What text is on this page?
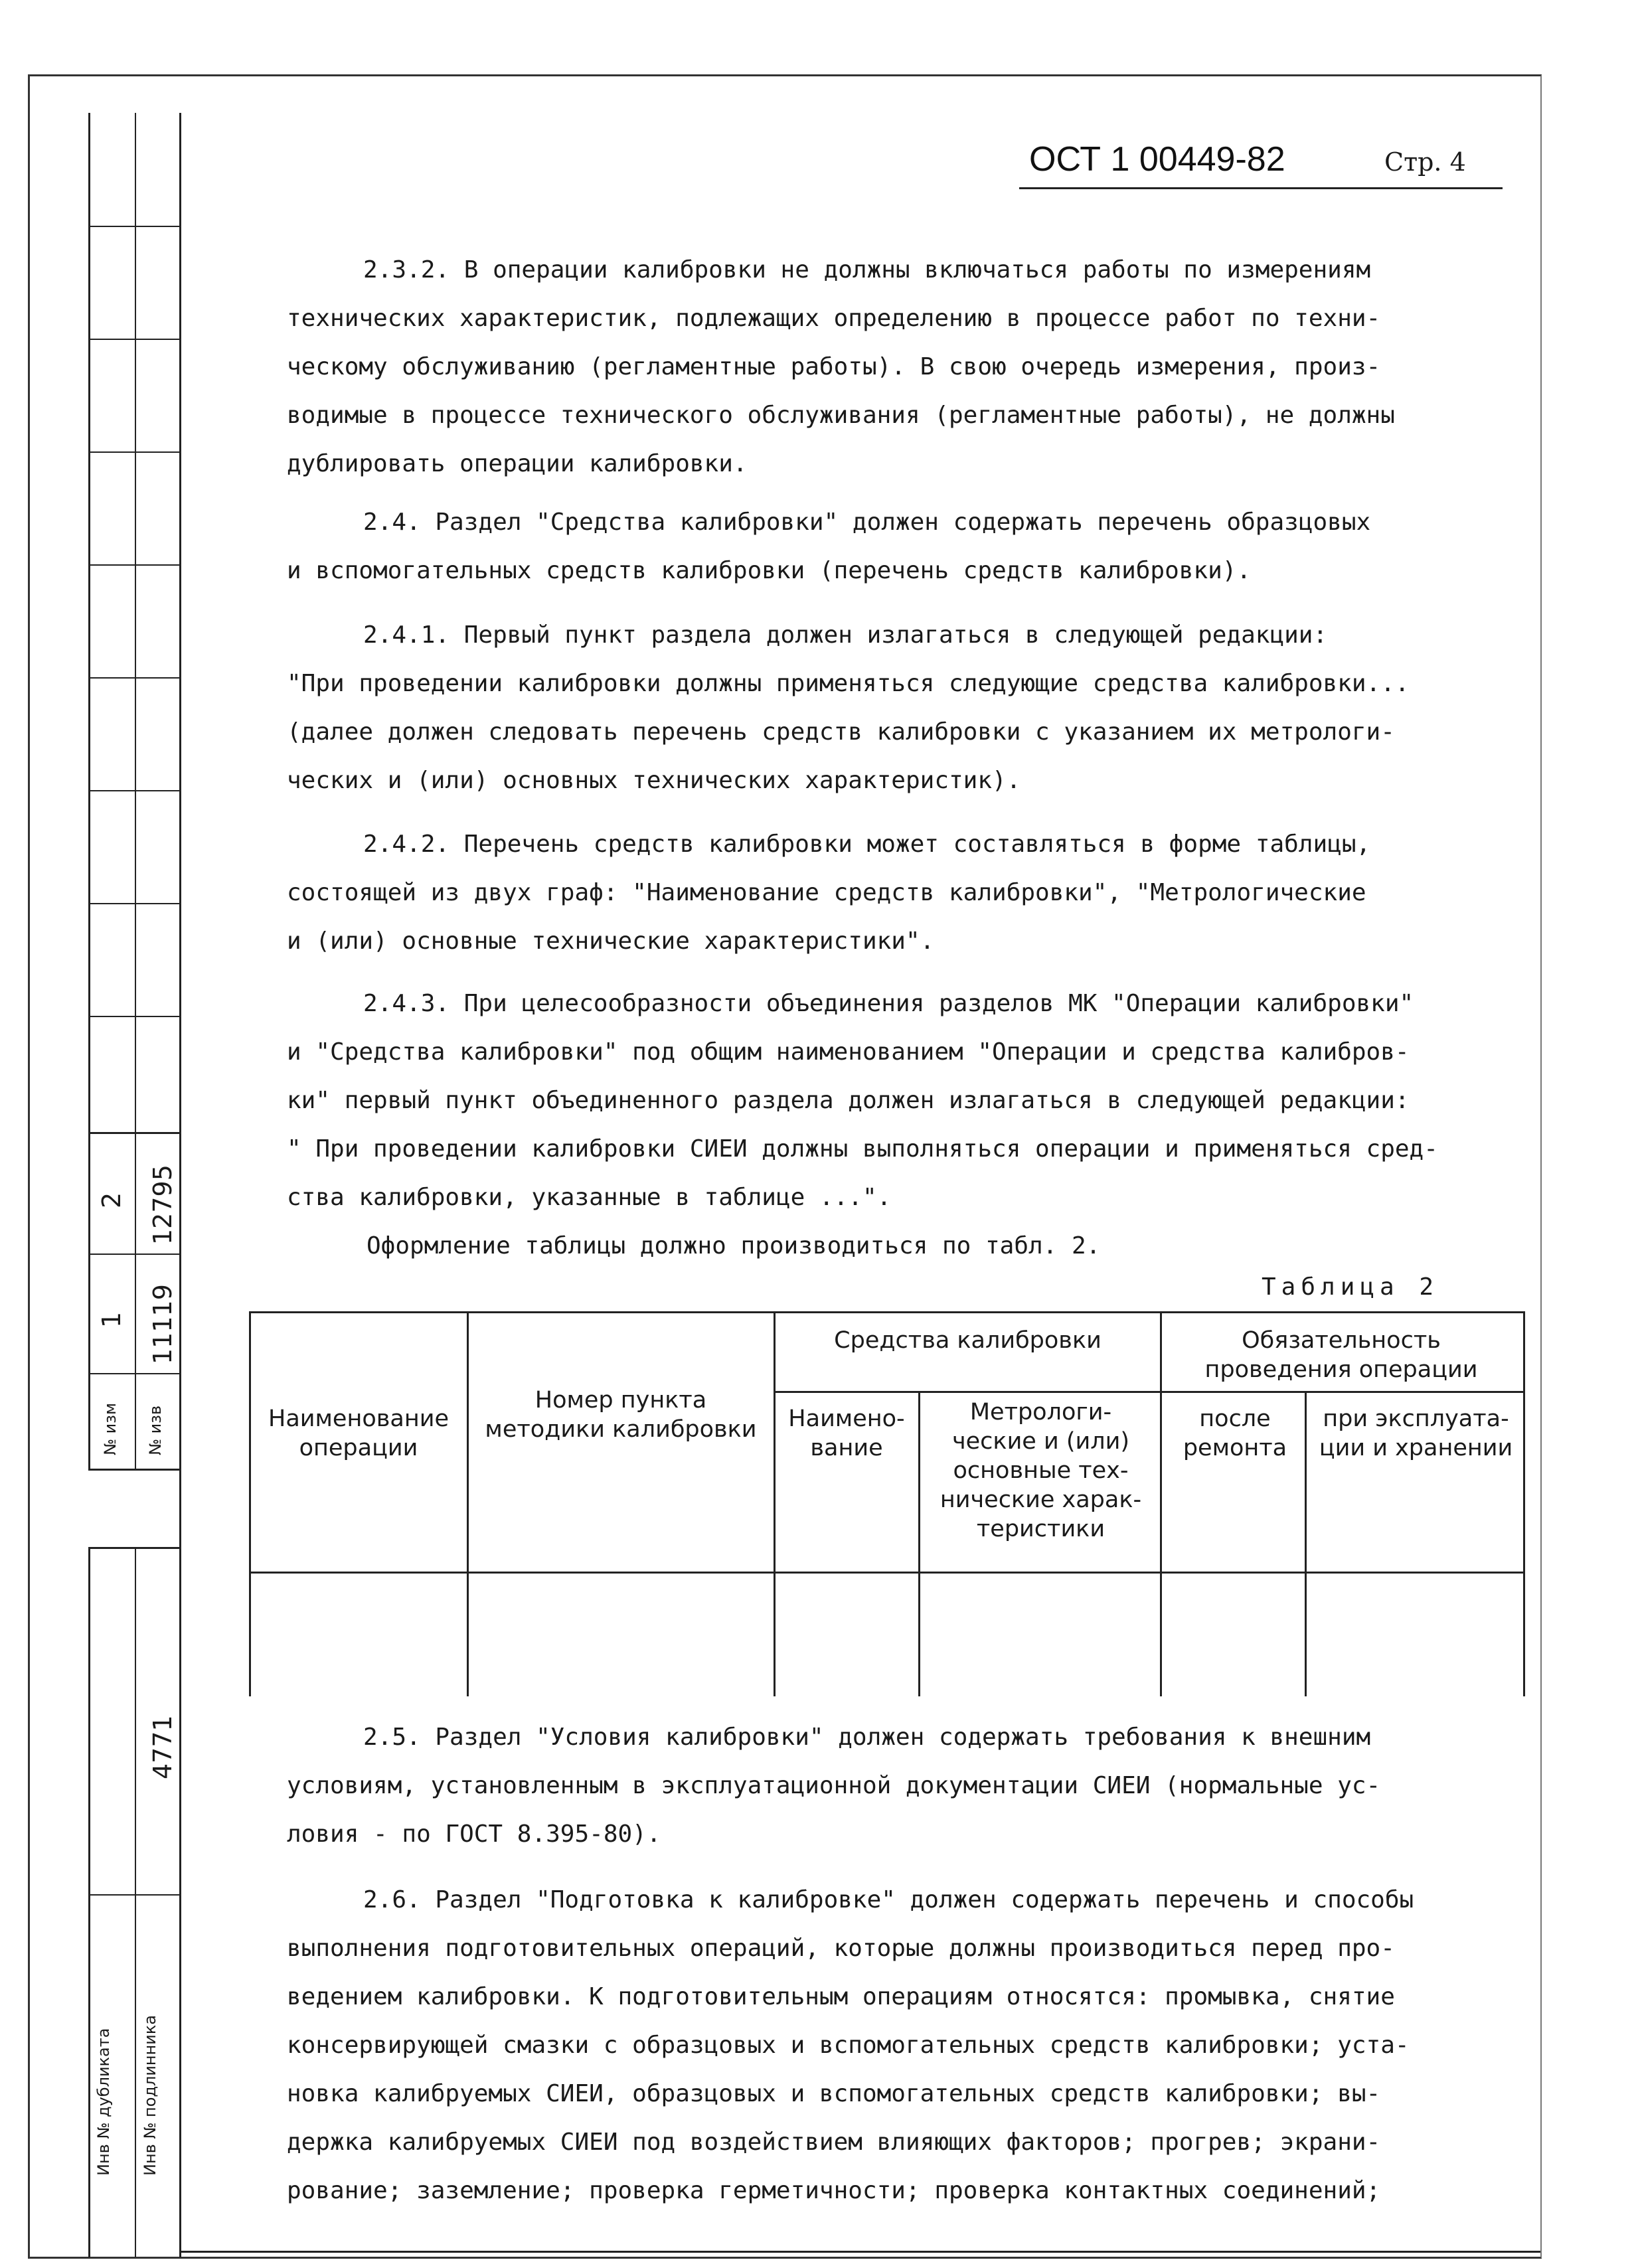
2 12795
1 11119
№ изм № изв
4771
Инв № дубликата Инв № подлинника
ОСТ 1 00449-82	Стр. 4
2.3.2. В операции калибровки не должны включаться работы по измерениям
технических характеристик, подлежащих определению в процессе работ по техни-
ческому обслуживанию (регламентные работы). В свою очередь измерения, произ-
водимые в процессе технического обслуживания (регламентные работы), не должны
дублировать операции калибровки.
2.4. Раздел "Средства калибровки" должен содержать перечень образцовых
и вспомогательных средств калибровки (перечень средств калибровки).
2.4.1. Первый пункт раздела должен излагаться в следующей редакции:
"При проведении калибровки должны применяться следующие средства калибровки...
(далее должен следовать перечень средств калибровки с указанием их метрологи-
ческих и (или) основных технических характеристик).
2.4.2. Перечень средств калибровки может составляться в форме таблицы,
состоящей из двух граф: "Наименование средств калибровки", "Метрологические
и (или) основные технические характеристики".
2.4.3. При целесообразности объединения разделов МК "Операции калибровки"
и "Средства калибровки" под общим наименованием "Операции и средства калибров-
ки" первый пункт объединенного раздела должен излагаться в следующей редакции:
" При проведении калибровки СИЕИ должны выполняться операции и применяться сред-
ства калибровки, указанные в таблице ...".
Оформление таблицы должно производиться по табл. 2.
Таблица 2
Наименование операции
Номер пункта методики калибровки
Средства калибровки
Наимено- вание
Метрологи- ческие и (или) основные тех- нические харак- теристики
Обязательность проведения операции
после ремонта
при эксплуата- ции и хранении
2.5. Раздел "Условия калибровки" должен содержать требования к внешним
условиям, установленным в эксплуатационной документации СИЕИ (нормальные ус-
ловия - по ГОСТ 8.395-80).
2.6. Раздел "Подготовка к калибровке" должен содержать перечень и способы
выполнения подготовительных операций, которые должны производиться перед про-
ведением калибровки. К подготовительным операциям относятся: промывка, снятие
консервирующей смазки с образцовых и вспомогательных средств калибровки; уста-
новка калибруемых СИЕИ, образцовых и вспомогательных средств калибровки; вы-
держка калибруемых СИЕИ под воздействием влияющих факторов; прогрев; экрани-
рование; заземление; проверка герметичности; проверка контактных соединений;
